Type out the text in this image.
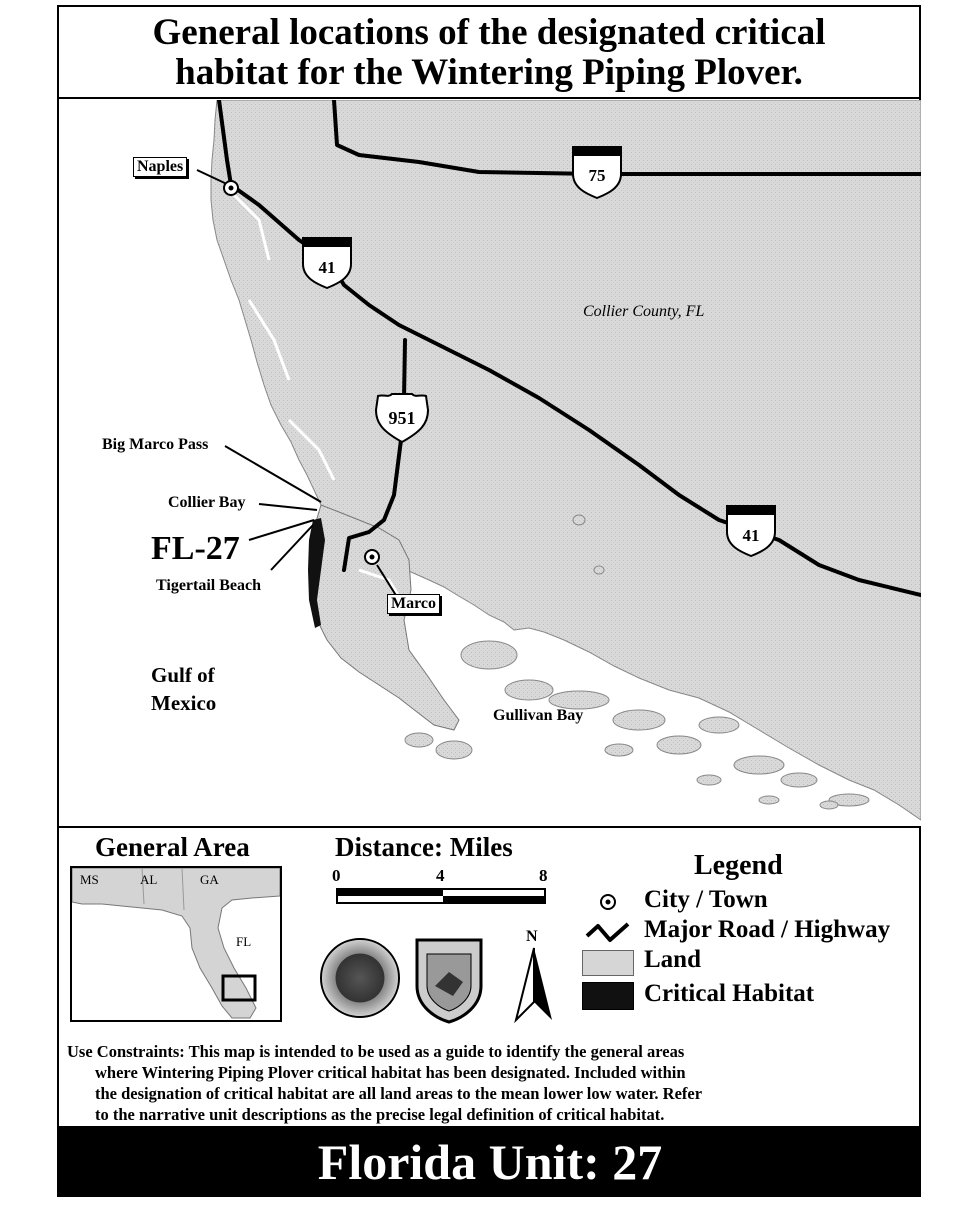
General locations of the designated critical
habitat for the Wintering Piping Plover.
75
41
41
951
Naples
Marco
Collier County, FL
Big Marco Pass
Collier Bay
FL-27
Tigertail Beach
Gulf of
Mexico
Gullivan Bay
General Area
MS	AL	GA
FL
Distance: Miles
0	4	8
N
Legend
City / Town
Major Road / Highway
Land
Critical Habitat
Use Constraints: This map is intended to be used as a guide to identify the general areas
where Wintering Piping Plover critical habitat has been designated. Included within
the designation of critical habitat are all land areas to the mean lower low water. Refer
to the narrative unit descriptions as the precise legal definition of critical habitat.
Florida Unit: 27
